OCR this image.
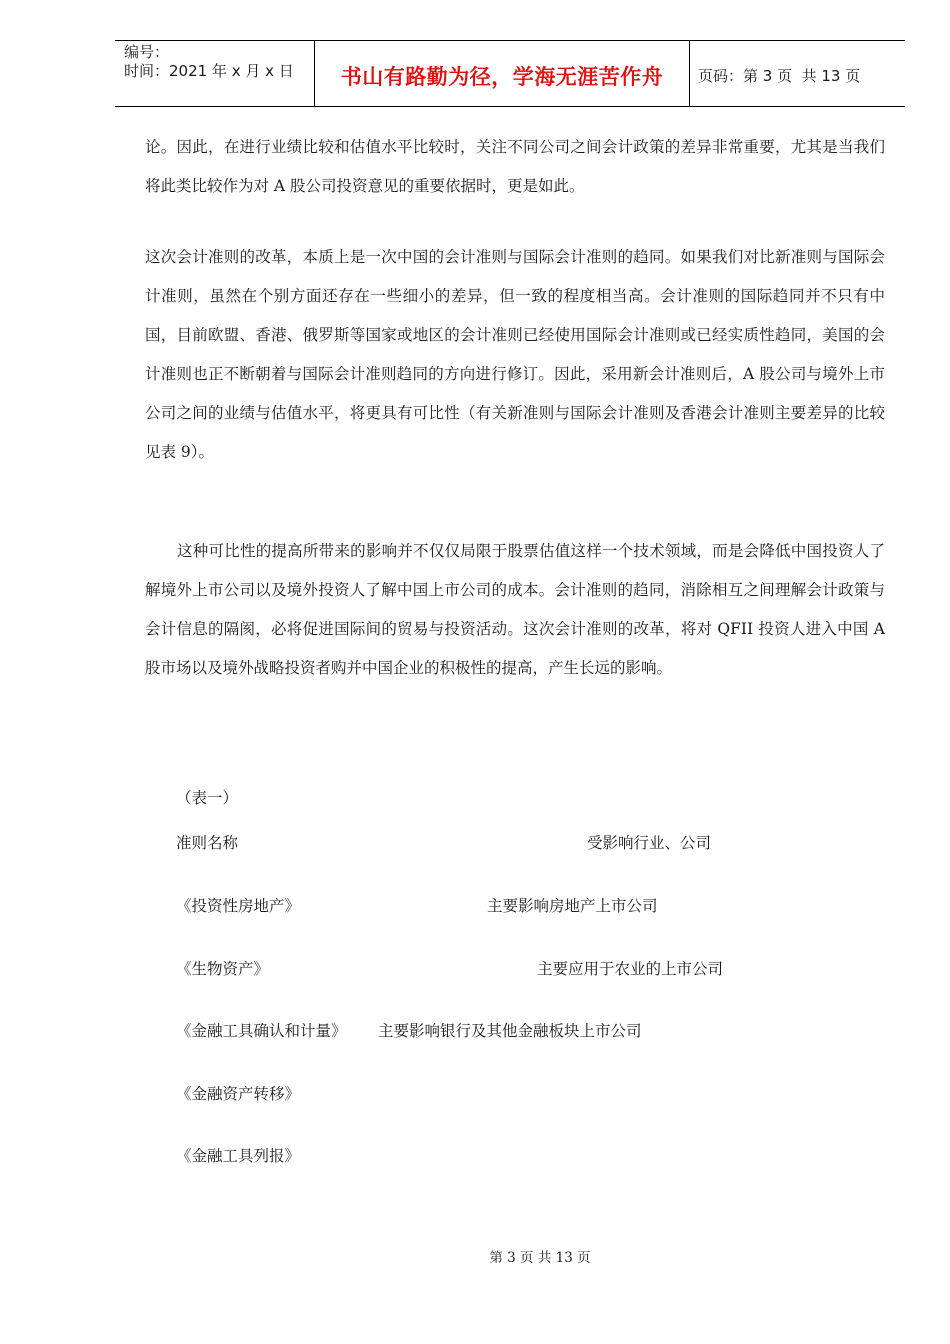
编号：
时间：2021 年 x 月 x 日	书山有路勤为径，学海无涯苦作舟 页码：第 3 页  共 13 页

论。因此，在进行业绩比较和估值水平比较时，关注不同公司之间会计政策的差异非常重要，尤其是当我们将此类比较作为对 A 股公司投资意见的重要依据时，更是如此。

这次会计准则的改革，本质上是一次中国的会计准则与国际会计准则的趋同。如果我们对比新准则与国际会计准则，虽然在个别方面还存在一些细小的差异，但一致的程度相当高。会计准则的国际趋同并不只有中国，目前欧盟、香港、俄罗斯等国家或地区的会计准则已经使用国际会计准则或已经实质性趋同，美国的会计准则也正不断朝着与国际会计准则趋同的方向进行修订。因此，采用新会计准则后，A 股公司与境外上市公司之间的业绩与估值水平，将更具有可比性（有关新准则与国际会计准则及香港会计准则主要差异的比较见表 9）。

这种可比性的提高所带来的影响并不仅仅局限于股票估值这样一个技术领域，而是会降低中国投资人了解境外上市公司以及境外投资人了解中国上市公司的成本。会计准则的趋同，消除相互之间理解会计政策与会计信息的隔阂，必将促进国际间的贸易与投资活动。这次会计准则的改革，将对 QFII 投资人进入中国 A 股市场以及境外战略投资者购并中国企业的积极性的提高，产生长远的影响。

（表一）
准则名称	受影响行业、公司
《投资性房地产》	主要影响房地产上市公司
《生物资产》	主要应用于农业的上市公司
《金融工具确认和计量》 主要影响银行及其他金融板块上市公司
《金融资产转移》
《金融工具列报》
第 3 页 共 13 页
